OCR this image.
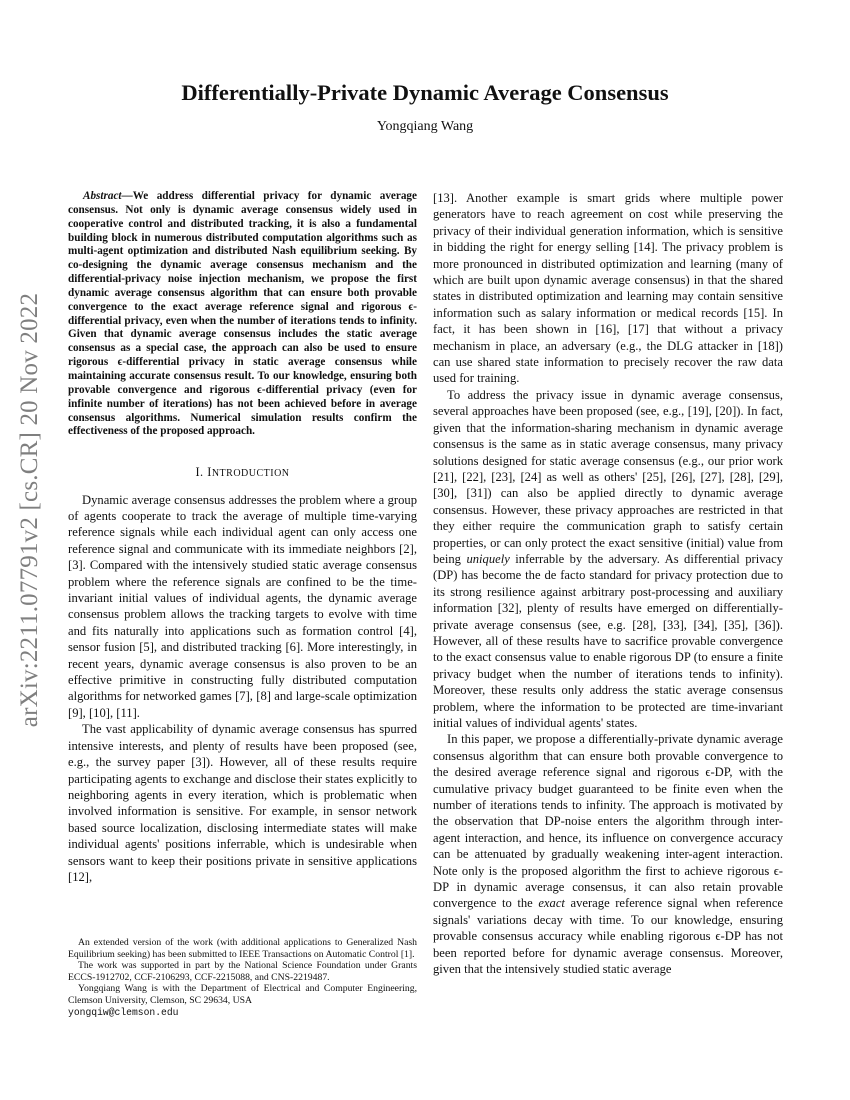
arXiv:2211.07791v2 [cs.CR] 20 Nov 2022
Differentially-Private Dynamic Average Consensus
Yongqiang Wang

Abstract—We address differential privacy for dynamic average consensus. Not only is dynamic average consensus widely used in cooperative control and distributed tracking, it is also a fundamental building block in numerous distributed computation algorithms such as multi-agent optimization and distributed Nash equilibrium seeking. By co-designing the dynamic average consensus mechanism and the differential-privacy noise injection mechanism, we propose the first dynamic average consensus algorithm that can ensure both provable convergence to the exact average reference signal and rigorous ϵ-differential privacy, even when the number of iterations tends to infinity. Given that dynamic average consensus includes the static average consensus as a special case, the approach can also be used to ensure rigorous ϵ-differential privacy in static average consensus while maintaining accurate consensus result. To our knowledge, ensuring both provable convergence and rigorous ϵ-differential privacy (even for infinite number of iterations) has not been achieved before in average consensus algorithms. Numerical simulation results confirm the effectiveness of the proposed approach.

I. INTRODUCTION

Dynamic average consensus addresses the problem where a group of agents cooperate to track the average of multiple time-varying reference signals while each individual agent can only access one reference signal and communicate with its immediate neighbors [2], [3]. Compared with the intensively studied static average consensus problem where the reference signals are confined to be the time-invariant initial values of individual agents, the dynamic average consensus problem allows the tracking targets to evolve with time and fits naturally into applications such as formation control [4], sensor fusion [5], and distributed tracking [6]. More interestingly, in recent years, dynamic average consensus is also proven to be an effective primitive in constructing fully distributed computation algorithms for networked games [7], [8] and large-scale optimization [9], [10], [11].

The vast applicability of dynamic average consensus has spurred intensive interests, and plenty of results have been proposed (see, e.g., the survey paper [3]). However, all of these results require participating agents to exchange and disclose their states explicitly to neighboring agents in every iteration, which is problematic when involved information is sensitive. For example, in sensor network based source localization, disclosing intermediate states will make individual agents' positions inferrable, which is undesirable when sensors want to keep their positions private in sensitive applications [12],

An extended version of the work (with additional applications to Generalized Nash Equilibrium seeking) has been submitted to IEEE Transactions on Automatic Control [1].

The work was supported in part by the National Science Foundation under Grants ECCS-1912702, CCF-2106293, CCF-2215088, and CNS-2219487.

Yongqiang Wang is with the Department of Electrical and Computer Engineering, Clemson University, Clemson, SC 29634, USA

yongqiw@clemson.edu

[13]. Another example is smart grids where multiple power generators have to reach agreement on cost while preserving the privacy of their individual generation information, which is sensitive in bidding the right for energy selling [14]. The privacy problem is more pronounced in distributed optimization and learning (many of which are built upon dynamic average consensus) in that the shared states in distributed optimization and learning may contain sensitive information such as salary information or medical records [15]. In fact, it has been shown in [16], [17] that without a privacy mechanism in place, an adversary (e.g., the DLG attacker in [18]) can use shared state information to precisely recover the raw data used for training.

To address the privacy issue in dynamic average consensus, several approaches have been proposed (see, e.g., [19], [20]). In fact, given that the information-sharing mechanism in dynamic average consensus is the same as in static average consensus, many privacy solutions designed for static average consensus (e.g., our prior work [21], [22], [23], [24] as well as others' [25], [26], [27], [28], [29], [30], [31]) can also be applied directly to dynamic average consensus. However, these privacy approaches are restricted in that they either require the communication graph to satisfy certain properties, or can only protect the exact sensitive (initial) value from being uniquely inferrable by the adversary. As differential privacy (DP) has become the de facto standard for privacy protection due to its strong resilience against arbitrary post-processing and auxiliary information [32], plenty of results have emerged on differentially-private average consensus (see, e.g. [28], [33], [34], [35], [36]). However, all of these results have to sacrifice provable convergence to the exact consensus value to enable rigorous DP (to ensure a finite privacy budget when the number of iterations tends to infinity). Moreover, these results only address the static average consensus problem, where the information to be protected are time-invariant initial values of individual agents' states.

In this paper, we propose a differentially-private dynamic average consensus algorithm that can ensure both provable convergence to the desired average reference signal and rigorous ϵ-DP, with the cumulative privacy budget guaranteed to be finite even when the number of iterations tends to infinity. The approach is motivated by the observation that DP-noise enters the algorithm through inter-agent interaction, and hence, its influence on convergence accuracy can be attenuated by gradually weakening inter-agent interaction. Note only is the proposed algorithm the first to achieve rigorous ϵ-DP in dynamic average consensus, it can also retain provable convergence to the exact average reference signal when reference signals' variations decay with time. To our knowledge, ensuring provable consensus accuracy while enabling rigorous ϵ-DP has not been reported before for dynamic average consensus. Moreover, given that the intensively studied static average
